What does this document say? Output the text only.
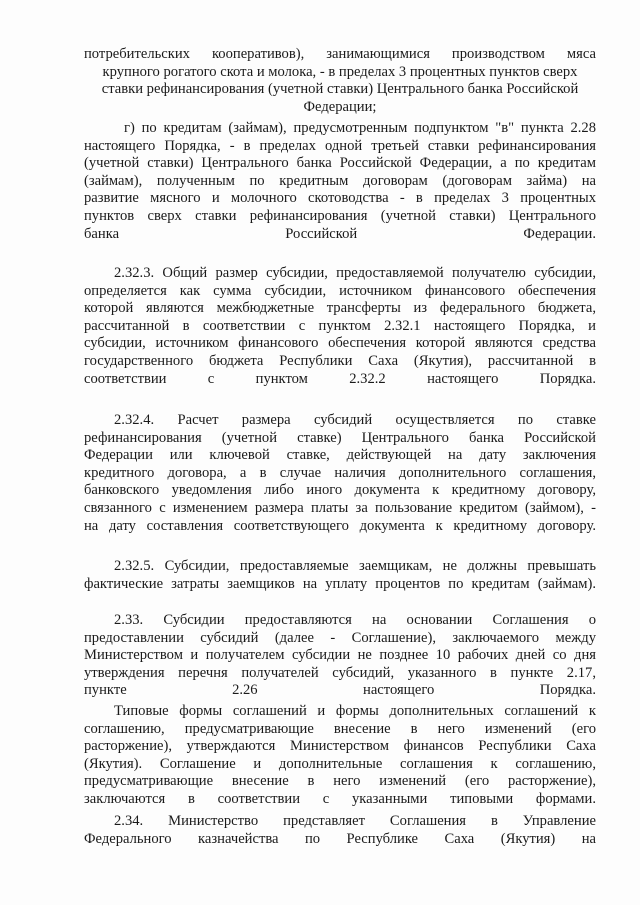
потребительских кооперативов), занимающимися производством мяса
крупного рогатого скота и молока, - в пределах 3 процентных пунктов сверх
ставки рефинансирования (учетной ставки) Центрального банка Российской
Федерации;

г) по кредитам (займам), предусмотренным подпунктом "в" пункта 2.28
настоящего Порядка, - в пределах одной третьей ставки рефинансирования
(учетной ставки) Центрального банка Российской Федерации, а по кредитам
(займам), полученным по кредитным договорам (договорам займа) на
развитие мясного и молочного скотоводства - в пределах 3 процентных
пунктов сверх ставки рефинансирования (учетной ставки) Центрального
банка Российской Федерации.

2.32.3. Общий размер субсидии, предоставляемой получателю субсидии,
определяется как сумма субсидии, источником финансового обеспечения
которой являются межбюджетные трансферты из федерального бюджета,
рассчитанной в соответствии с пунктом 2.32.1 настоящего Порядка, и
субсидии, источником финансового обеспечения которой являются средства
государственного бюджета Республики Саха (Якутия), рассчитанной в
соответствии с пунктом 2.32.2 настоящего Порядка.

2.32.4. Расчет размера субсидий осуществляется по ставке
рефинансирования (учетной ставке) Центрального банка Российской
Федерации или ключевой ставке, действующей на дату заключения
кредитного договора, а в случае наличия дополнительного соглашения,
банковского уведомления либо иного документа к кредитному договору,
связанного с изменением размера платы за пользование кредитом (займом), -
на дату составления соответствующего документа к кредитному договору.

2.32.5. Субсидии, предоставляемые заемщикам, не должны превышать
фактические затраты заемщиков на уплату процентов по кредитам (займам).

2.33. Субсидии предоставляются на основании Соглашения о
предоставлении субсидий (далее - Соглашение), заключаемого между
Министерством и получателем субсидии не позднее 10 рабочих дней со дня
утверждения перечня получателей субсидий, указанного в пункте 2.17,
пункте 2.26 настоящего Порядка.

Типовые формы соглашений и формы дополнительных соглашений к
соглашению, предусматривающие внесение в него изменений (его
расторжение), утверждаются Министерством финансов Республики Саха
(Якутия). Соглашение и дополнительные соглашения к соглашению,
предусматривающие внесение в него изменений (его расторжение),
заключаются в соответствии с указанными типовыми формами.

2.34. Министерство представляет Соглашения в Управление
Федерального казначейства по Республике Саха (Якутия) на
